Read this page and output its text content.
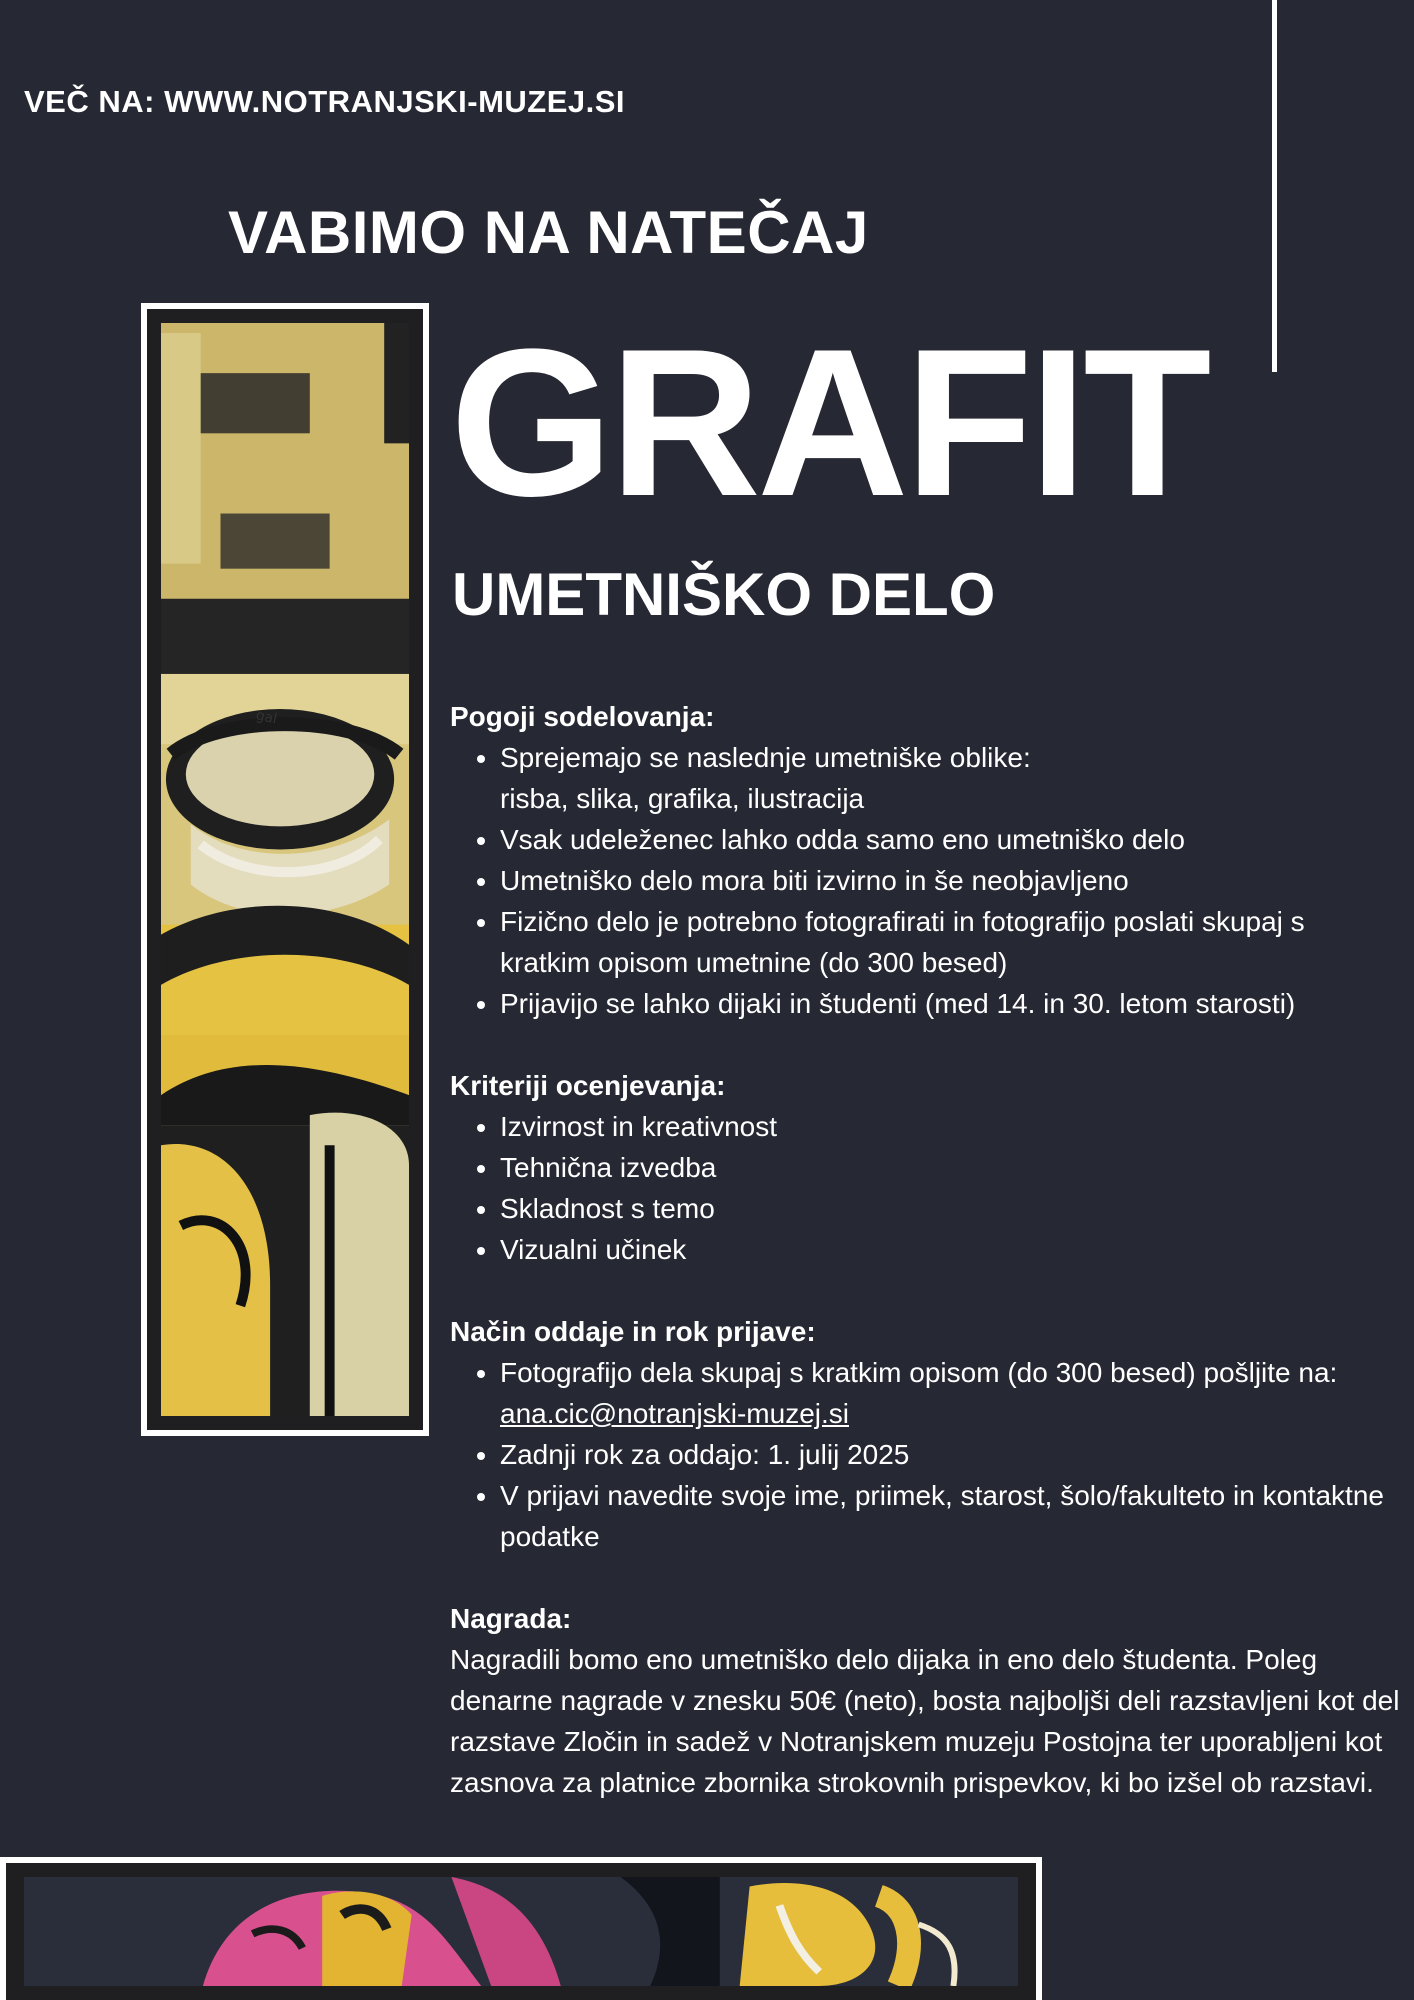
VEČ NA: WWW.NOTRANJSKI-MUZEJ.SI
VABIMO NA NATEČAJ
GRAFIT
UMETNIŠKO DELO
gal	Pogoji sodelovanja:
• Sprejemajo se naslednje umetniške oblike:
risba, slika, grafika, ilustracija
• Vsak udeleženec lahko odda samo eno umetniško delo
• Umetniško delo mora biti izvirno in še neobjavljeno
• Fizično delo je potrebno fotografirati in fotografijo poslati skupaj s kratkim opisom umetnine (do 300 besed)
• Prijavijo se lahko dijaki in študenti (med 14. in 30. letom starosti)
Kriteriji ocenjevanja:
• Izvirnost in kreativnost
• Tehnična izvedba
• Skladnost s temo
• Vizualni učinek
Način oddaje in rok prijave:
• Fotografijo dela skupaj s kratkim opisom (do 300 besed) pošljite na:
ana.cic@notranjski-muzej.si
• Zadnji rok za oddajo: 1. julij 2025
• V prijavi navedite svoje ime, priimek, starost, šolo/fakulteto in kontaktne podatke
Nagrada:

Nagradili bomo eno umetniško delo dijaka in eno delo študenta. Poleg denarne nagrade v znesku 50€ (neto), bosta najboljši deli razstavljeni kot del razstave Zločin in sadež v Notranjskem muzeju Postojna ter uporabljeni kot zasnova za platnice zbornika strokovnih prispevkov, ki bo izšel ob razstavi.
